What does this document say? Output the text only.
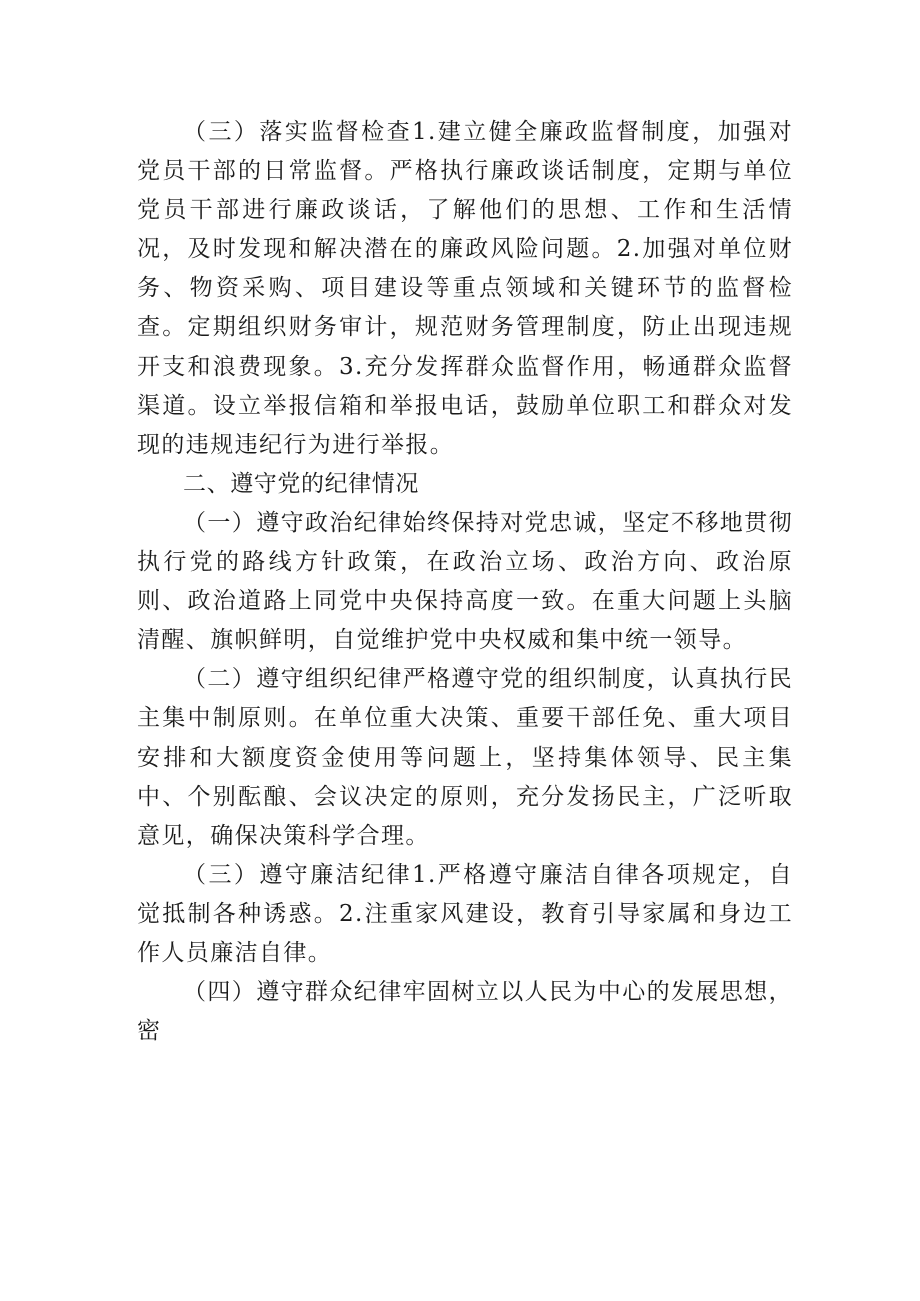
（三）落实监督检查1.建立健全廉政监督制度，加强对党员干部的日常监督。严格执行廉政谈话制度，定期与单位党员干部进行廉政谈话，了解他们的思想、工作和生活情况，及时发现和解决潜在的廉政风险问题。2.加强对单位财务、物资采购、项目建设等重点领域和关键环节的监督检查。定期组织财务审计，规范财务管理制度，防止出现违规开支和浪费现象。3.充分发挥群众监督作用，畅通群众监督渠道。设立举报信箱和举报电话，鼓励单位职工和群众对发现的违规违纪行为进行举报。

二、遵守党的纪律情况

（一）遵守政治纪律始终保持对党忠诚，坚定不移地贯彻执行党的路线方针政策，在政治立场、政治方向、政治原则、政治道路上同党中央保持高度一致。在重大问题上头脑清醒、旗帜鲜明，自觉维护党中央权威和集中统一领导。

（二）遵守组织纪律严格遵守党的组织制度，认真执行民主集中制原则。在单位重大决策、重要干部任免、重大项目安排和大额度资金使用等问题上，坚持集体领导、民主集中、个别酝酿、会议决定的原则，充分发扬民主，广泛听取意见，确保决策科学合理。

（三）遵守廉洁纪律1.严格遵守廉洁自律各项规定，自觉抵制各种诱惑。2.注重家风建设，教育引导家属和身边工作人员廉洁自律。

（四）遵守群众纪律牢固树立以人民为中心的发展思想，密
